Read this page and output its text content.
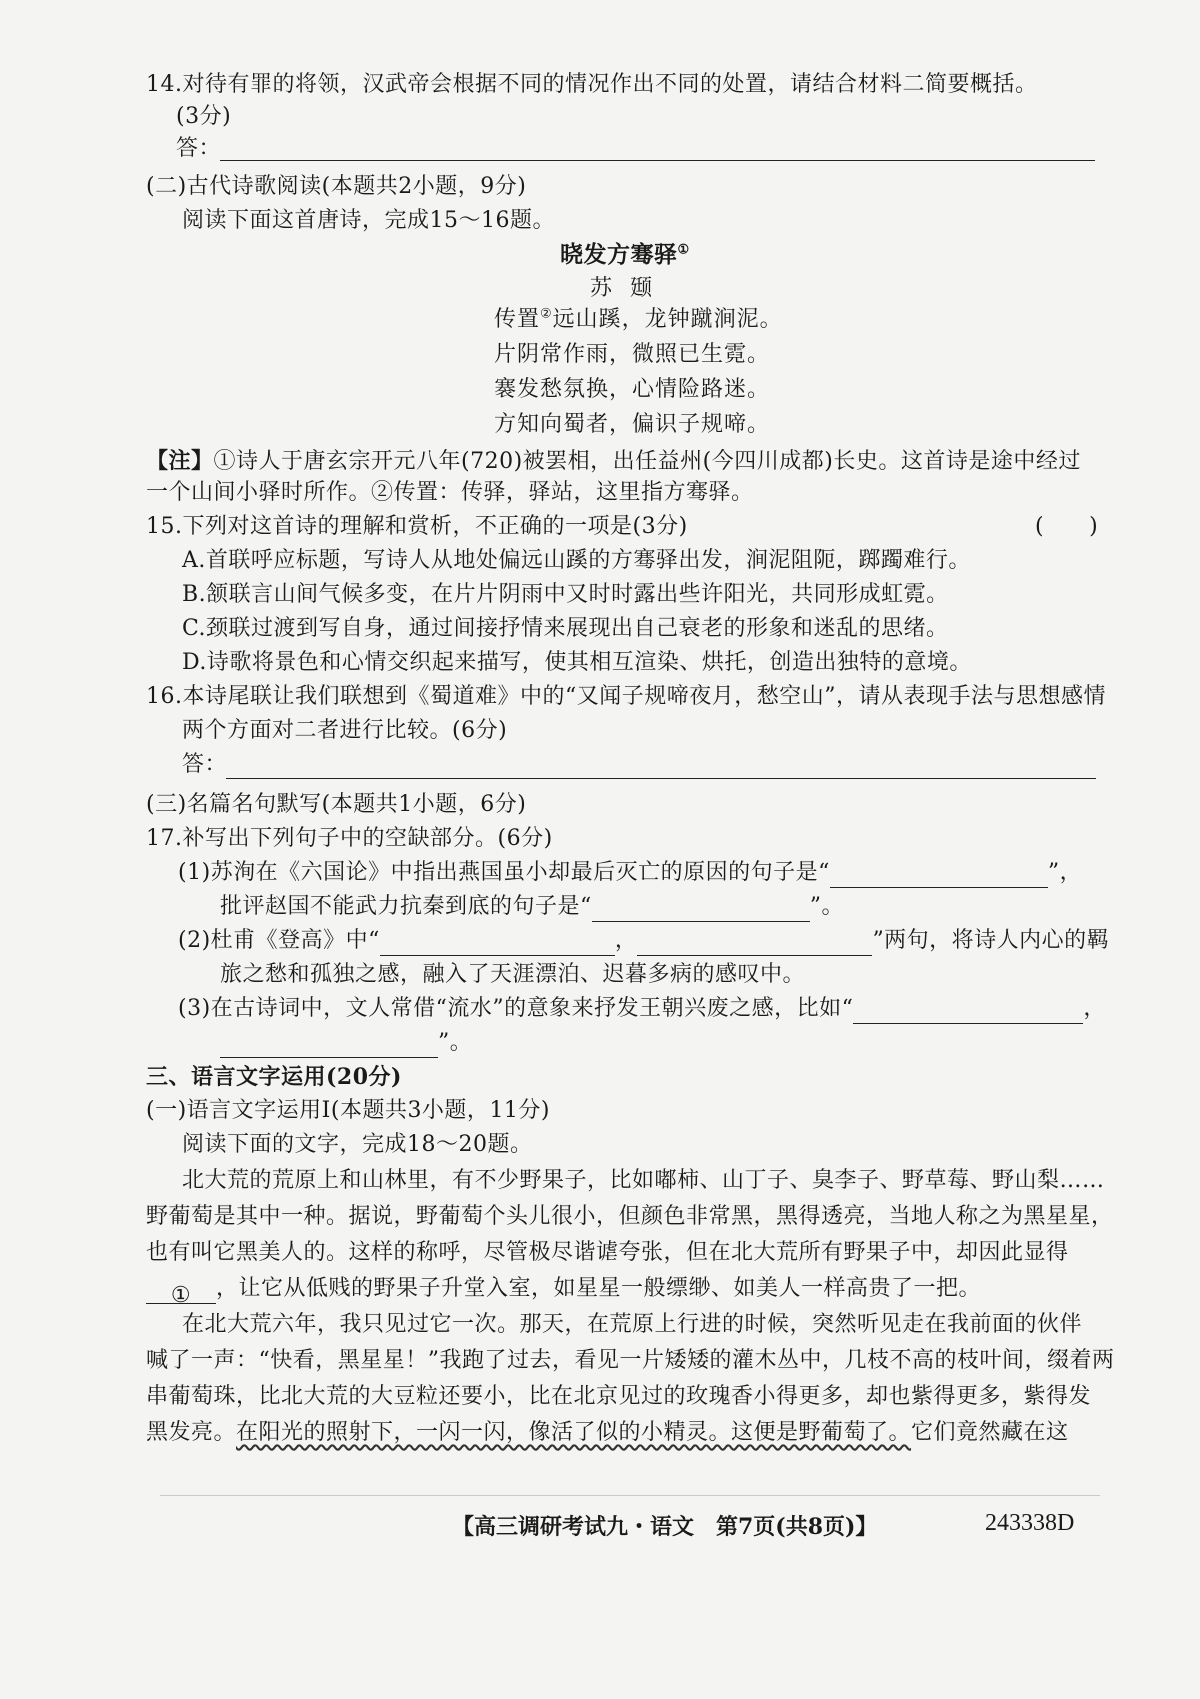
14.对待有罪的将领，汉武帝会根据不同的情况作出不同的处置，请结合材料二简要概括。
(3分)
答：
(二)古代诗歌阅读(本题共2小题，9分)
阅读下面这首唐诗，完成15～16题。
晓发方骞驿①
苏颋
传置②远山蹊，龙钟蹴涧泥。
片阴常作雨，微照已生霓。
褰发愁氛换，心情险路迷。
方知向蜀者，偏识子规啼。
【注】①诗人于唐玄宗开元八年(720)被罢相，出任益州(今四川成都)长史。这首诗是途中经过
一个山间小驿时所作。②传置：传驿，驿站，这里指方骞驿。
15.下列对这首诗的理解和赏析，不正确的一项是(3分)	(　　)
A.首联呼应标题，写诗人从地处偏远山蹊的方骞驿出发，涧泥阻阨，踯躅难行。
B.颔联言山间气候多变，在片片阴雨中又时时露出些许阳光，共同形成虹霓。
C.颈联过渡到写自身，通过间接抒情来展现出自己衰老的形象和迷乱的思绪。
D.诗歌将景色和心情交织起来描写，使其相互渲染、烘托，创造出独特的意境。
16.本诗尾联让我们联想到《蜀道难》中的“又闻子规啼夜月，愁空山”，请从表现手法与思想感情
两个方面对二者进行比较。(6分)
答：
(三)名篇名句默写(本题共1小题，6分)
17.补写出下列句子中的空缺部分。(6分)
(1)苏洵在《六国论》中指出燕国虽小却最后灭亡的原因的句子是“	”，
批评赵国不能武力抗秦到底的句子是“	”。
(2)杜甫《登高》中“	，	”两句，将诗人内心的羁
旅之愁和孤独之感，融入了天涯漂泊、迟暮多病的感叹中。
(3)在古诗词中，文人常借“流水”的意象来抒发王朝兴废之感，比如“	，
”。
三、语言文字运用(20分)
(一)语言文字运用Ⅰ(本题共3小题，11分)
阅读下面的文字，完成18～20题。
北大荒的荒原上和山林里，有不少野果子，比如嘟柿、山丁子、臭李子、野草莓、野山梨……
野葡萄是其中一种。据说，野葡萄个头儿很小，但颜色非常黑，黑得透亮，当地人称之为黑星星，
也有叫它黑美人的。这样的称呼，尽管极尽谐谑夸张，但在北大荒所有野果子中，却因此显得
① ，让它从低贱的野果子升堂入室，如星星一般缥缈、如美人一样高贵了一把。
在北大荒六年，我只见过它一次。那天，在荒原上行进的时候，突然听见走在我前面的伙伴
喊了一声：“快看，黑星星！”我跑了过去，看见一片矮矮的灌木丛中，几枝不高的枝叶间，缀着两
串葡萄珠，比北大荒的大豆粒还要小，比在北京见过的玫瑰香小得更多，却也紫得更多，紫得发
黑发亮。在阳光的照射下，一闪一闪，像活了似的小精灵。这便是野葡萄了。它们竟然藏在这
【高三调研考试九・语文　第7页(共8页)】	243338D
